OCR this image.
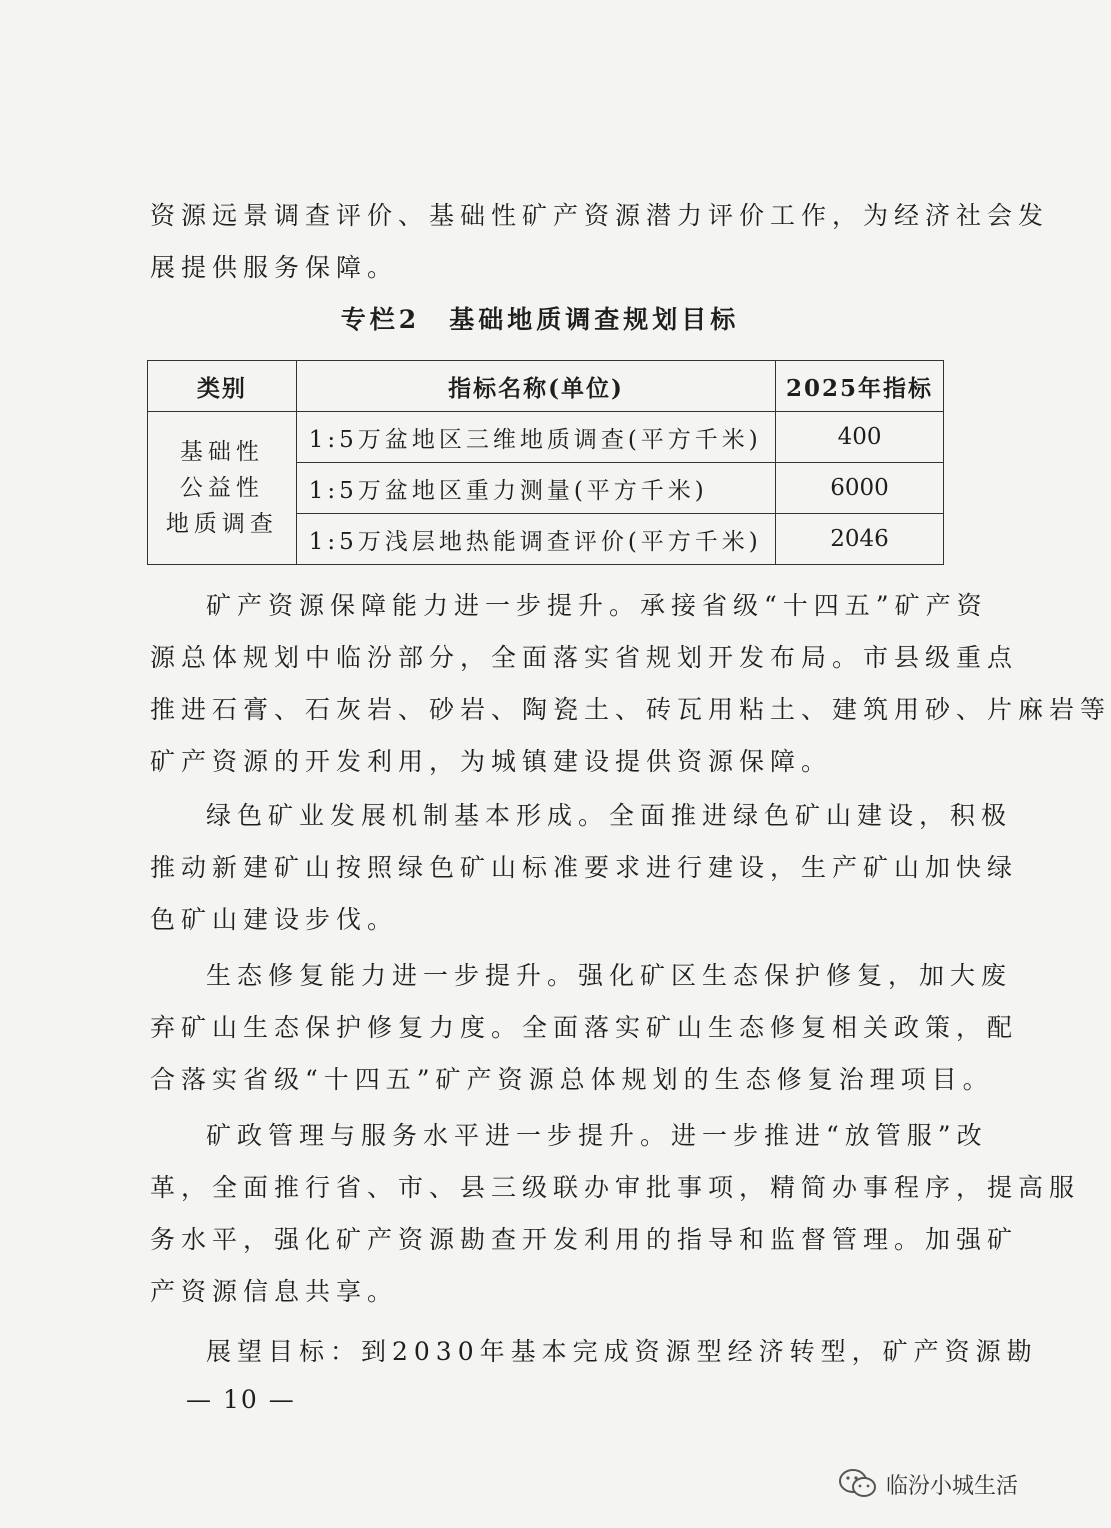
资源远景调查评价、基础性矿产资源潜力评价工作，为经济社会发
展提供服务保障。
专栏2　基础地质调查规划目标
类别	指标名称(单位)	2025年指标

基础性
公益性
地质调查	1:5万盆地区三维地质调查(平方千米)	400
	1:5万盆地区重力测量(平方千米)	6000
	1:5万浅层地热能调查评价(平方千米)	2046
矿产资源保障能力进一步提升。承接省级“十四五”矿产资
源总体规划中临汾部分，全面落实省规划开发布局。市县级重点
推进石膏、石灰岩、砂岩、陶瓷土、砖瓦用粘土、建筑用砂、片麻岩等
矿产资源的开发利用，为城镇建设提供资源保障。
绿色矿业发展机制基本形成。全面推进绿色矿山建设，积极
推动新建矿山按照绿色矿山标准要求进行建设，生产矿山加快绿
色矿山建设步伐。
生态修复能力进一步提升。强化矿区生态保护修复，加大废
弃矿山生态保护修复力度。全面落实矿山生态修复相关政策，配
合落实省级“十四五”矿产资源总体规划的生态修复治理项目。
矿政管理与服务水平进一步提升。进一步推进“放管服”改
革，全面推行省、市、县三级联办审批事项，精简办事程序，提高服
务水平，强化矿产资源勘查开发利用的指导和监督管理。加强矿
产资源信息共享。
展望目标：到2030年基本完成资源型经济转型，矿产资源勘
— 10 —
临汾小城生活
